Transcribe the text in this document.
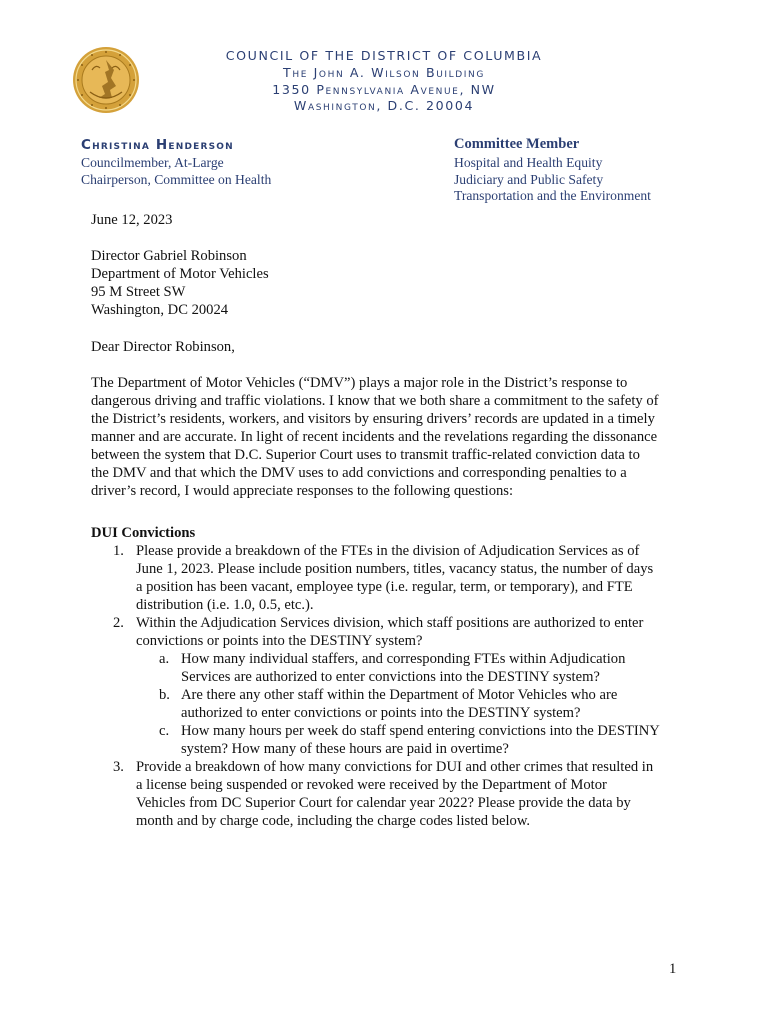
COUNCIL OF THE DISTRICT OF COLUMBIA
The John A. Wilson Building
1350 Pennsylvania Avenue, NW
Washington, D.C. 20004
Christina Henderson
Councilmember, At-Large
Chairperson, Committee on Health
Committee Member
Hospital and Health Equity
Judiciary and Public Safety
Transportation and the Environment
June 12, 2023
Director Gabriel Robinson
Department of Motor Vehicles
95 M Street SW
Washington, DC 20024
Dear Director Robinson,
The Department of Motor Vehicles (“DMV”) plays a major role in the District’s response to
dangerous driving and traffic violations. I know that we both share a commitment to the safety of
the District’s residents, workers, and visitors by ensuring drivers’ records are updated in a timely
manner and are accurate. In light of recent incidents and the revelations regarding the dissonance
between the system that D.C. Superior Court uses to transmit traffic-related conviction data to
the DMV and that which the DMV uses to add convictions and corresponding penalties to a
driver’s record, I would appreciate responses to the following questions:
DUI Convictions
1. Please provide a breakdown of the FTEs in the division of Adjudication Services as of
June 1, 2023. Please include position numbers, titles, vacancy status, the number of days
a position has been vacant, employee type (i.e. regular, term, or temporary), and FTE
distribution (i.e. 1.0, 0.5, etc.).
2. Within the Adjudication Services division, which staff positions are authorized to enter
convictions or points into the DESTINY system?
a. How many individual staffers, and corresponding FTEs within Adjudication
Services are authorized to enter convictions into the DESTINY system?
b. Are there any other staff within the Department of Motor Vehicles who are
authorized to enter convictions or points into the DESTINY system?
c. How many hours per week do staff spend entering convictions into the DESTINY
system? How many of these hours are paid in overtime?
3. Provide a breakdown of how many convictions for DUI and other crimes that resulted in
a license being suspended or revoked were received by the Department of Motor
Vehicles from DC Superior Court for calendar year 2022? Please provide the data by
month and by charge code, including the charge codes listed below.
1
